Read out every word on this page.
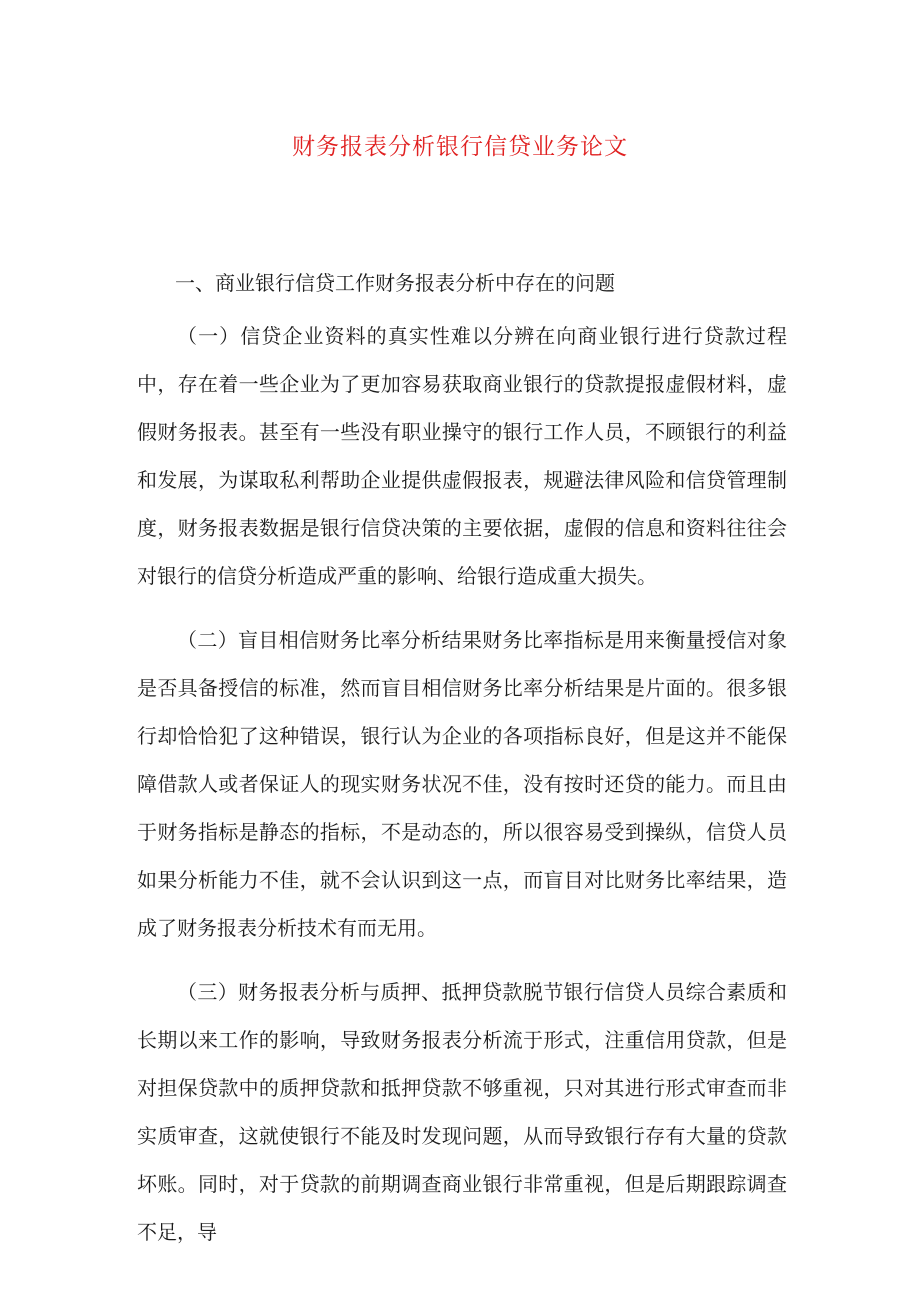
财务报表分析银行信贷业务论文

一、商业银行信贷工作财务报表分析中存在的问题

（一）信贷企业资料的真实性难以分辨在向商业银行进行贷款过程中，存在着一些企业为了更加容易获取商业银行的贷款提报虚假材料，虚假财务报表。甚至有一些没有职业操守的银行工作人员，不顾银行的利益和发展，为谋取私利帮助企业提供虚假报表，规避法律风险和信贷管理制度，财务报表数据是银行信贷决策的主要依据，虚假的信息和资料往往会对银行的信贷分析造成严重的影响、给银行造成重大损失。

（二）盲目相信财务比率分析结果财务比率指标是用来衡量授信对象是否具备授信的标准，然而盲目相信财务比率分析结果是片面的。很多银行却恰恰犯了这种错误，银行认为企业的各项指标良好，但是这并不能保障借款人或者保证人的现实财务状况不佳，没有按时还贷的能力。而且由于财务指标是静态的指标，不是动态的，所以很容易受到操纵，信贷人员如果分析能力不佳，就不会认识到这一点，而盲目对比财务比率结果，造成了财务报表分析技术有而无用。

（三）财务报表分析与质押、抵押贷款脱节银行信贷人员综合素质和长期以来工作的影响，导致财务报表分析流于形式，注重信用贷款，但是对担保贷款中的质押贷款和抵押贷款不够重视，只对其进行形式审查而非实质审查，这就使银行不能及时发现问题，从而导致银行存有大量的贷款坏账。同时，对于贷款的前期调查商业银行非常重视，但是后期跟踪调查不足，导
